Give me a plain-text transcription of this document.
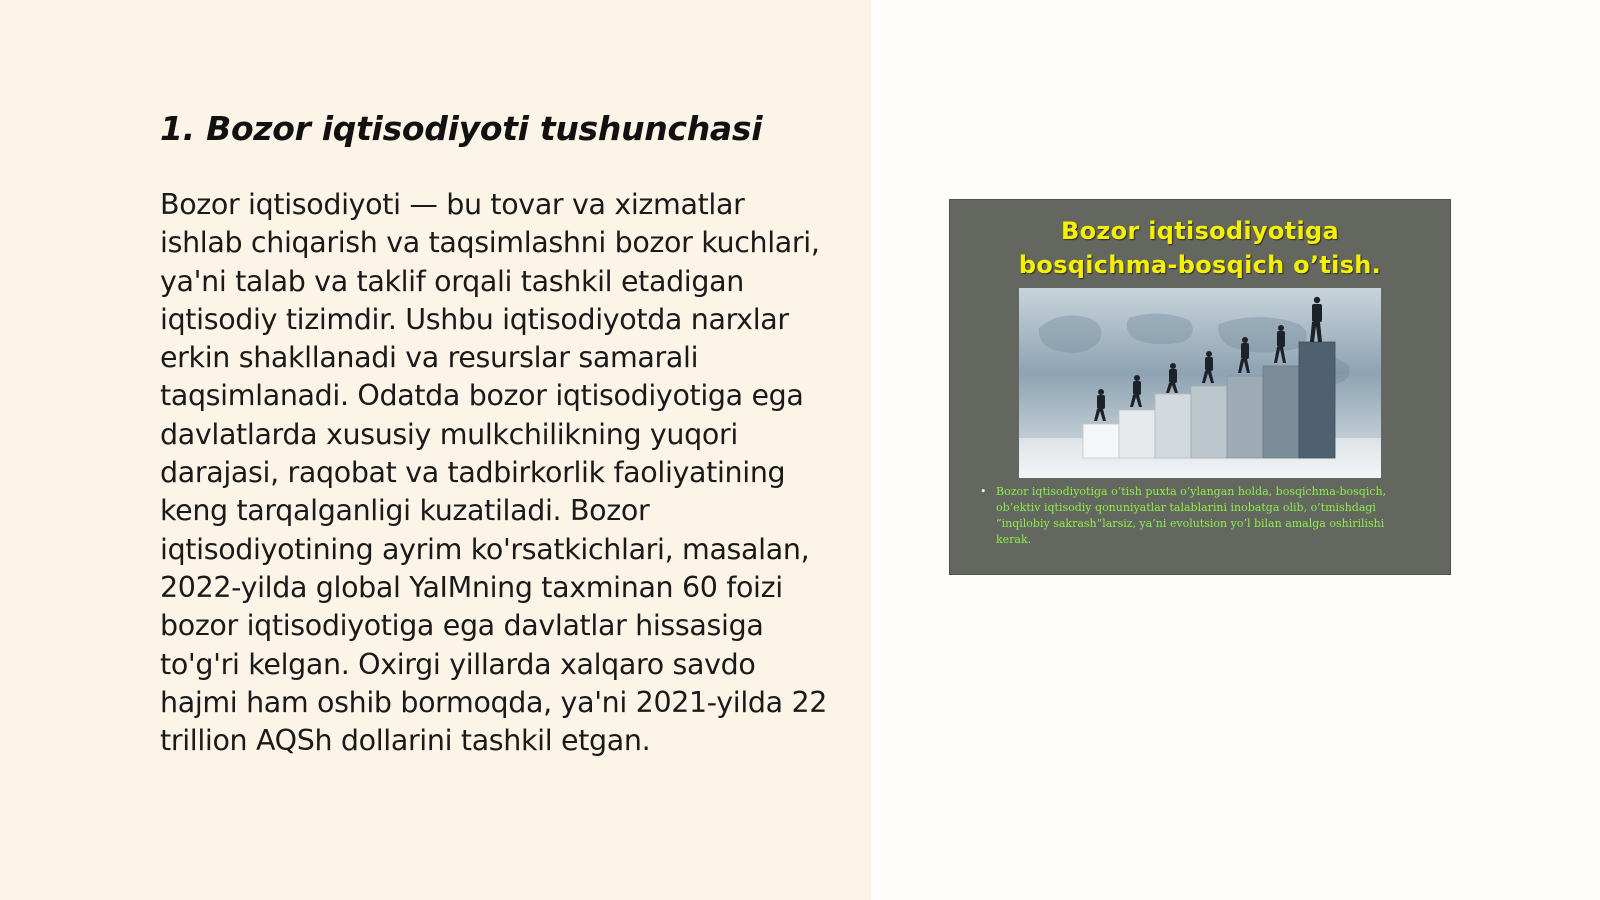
1. Bozor iqtisodiyoti tushunchasi

Bozor iqtisodiyoti — bu tovar va xizmatlar ishlab chiqarish va taqsimlashni bozor kuchlari, ya'ni talab va taklif orqali tashkil etadigan iqtisodiy tizimdir. Ushbu iqtisodiyotda narxlar erkin shakllanadi va resurslar samarali taqsimlanadi. Odatda bozor iqtisodiyotiga ega davlatlarda xususiy mulkchilikning yuqori darajasi, raqobat va tadbirkorlik faoliyatining keng tarqalganligi kuzatiladi. Bozor iqtisodiyotining ayrim ko'rsatkichlari, masalan, 2022-yilda global YaIMning taxminan 60 foizi bozor iqtisodiyotiga ega davlatlar hissasiga to'g'ri kelgan. Oxirgi yillarda xalqaro savdo hajmi ham oshib bormoqda, ya'ni 2021-yilda 22 trillion AQSh dollarini tashkil etgan.

Bozor iqtisodiyotiga
bosqichma-bosqich o’tish.
• Bozor iqtisodiyotiga o’tish puxta o’ylangan holda, bosqichma-bosqich, ob’ektiv iqtisodiy qonuniyatlar talablarini inobatga olib, o’tmishdagi “inqilobiy sakrash”larsiz, ya’ni evolutsion yo’l bilan amalga oshirilishi kerak.
